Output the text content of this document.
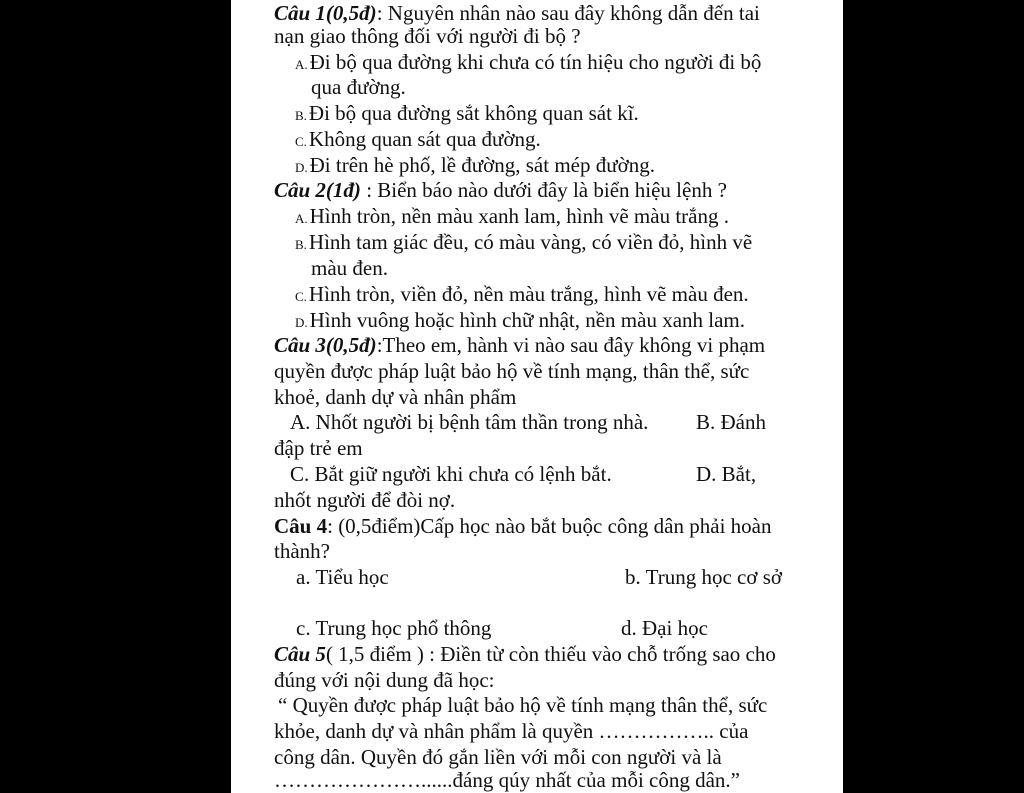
Câu 1(0,5đ): Nguyên nhân nào sau đây không dẫn đến tai
nạn giao thông đối với người đi bộ ?
A.Đi bộ qua đường khi chưa có tín hiệu cho người đi bộ
qua đường.
B.Đi bộ qua đường sắt không quan sát kĩ.
C.Không quan sát qua đường.
D.Đi trên hè phố, lề đường, sát mép đường.
Câu 2(1đ) : Biển báo nào dưới đây là biển hiệu lệnh ?
A.Hình tròn, nền màu xanh lam, hình vẽ màu trắng .
B.Hình tam giác đều, có màu vàng, có viền đỏ, hình vẽ
màu đen.
C.Hình tròn, viền đỏ, nền màu trắng, hình vẽ màu đen.
D.Hình vuông hoặc hình chữ nhật, nền màu xanh lam.
Câu 3(0,5đ):Theo em, hành vi nào sau đây không vi phạm
quyền được pháp luật bảo hộ về tính mạng, thân thể, sức
khoẻ, danh dự và nhân phẩm
A. Nhốt người bị bệnh tâm thần trong nhà. B. Đánh
đập trẻ em
C. Bắt giữ người khi chưa có lệnh bắt.	D. Bắt,
nhốt người để đòi nợ.
Câu 4: (0,5điểm)Cấp học nào bắt buộc công dân phải hoàn
thành?
a. Tiểu học	b. Trung học cơ sở
c. Trung học phổ thông	d. Đại học
Câu 5( 1,5 điểm ) : Điền từ còn thiếu vào chỗ trống sao cho
đúng với nội dung đã học:
“ Quyền được pháp luật bảo hộ về tính mạng thân thể, sức
khỏe, danh dự và nhân phẩm là quyền …………….. của
công dân. Quyền đó gắn liền với mỗi con người và là
…………………......đáng qúy nhất của mỗi công dân.”
